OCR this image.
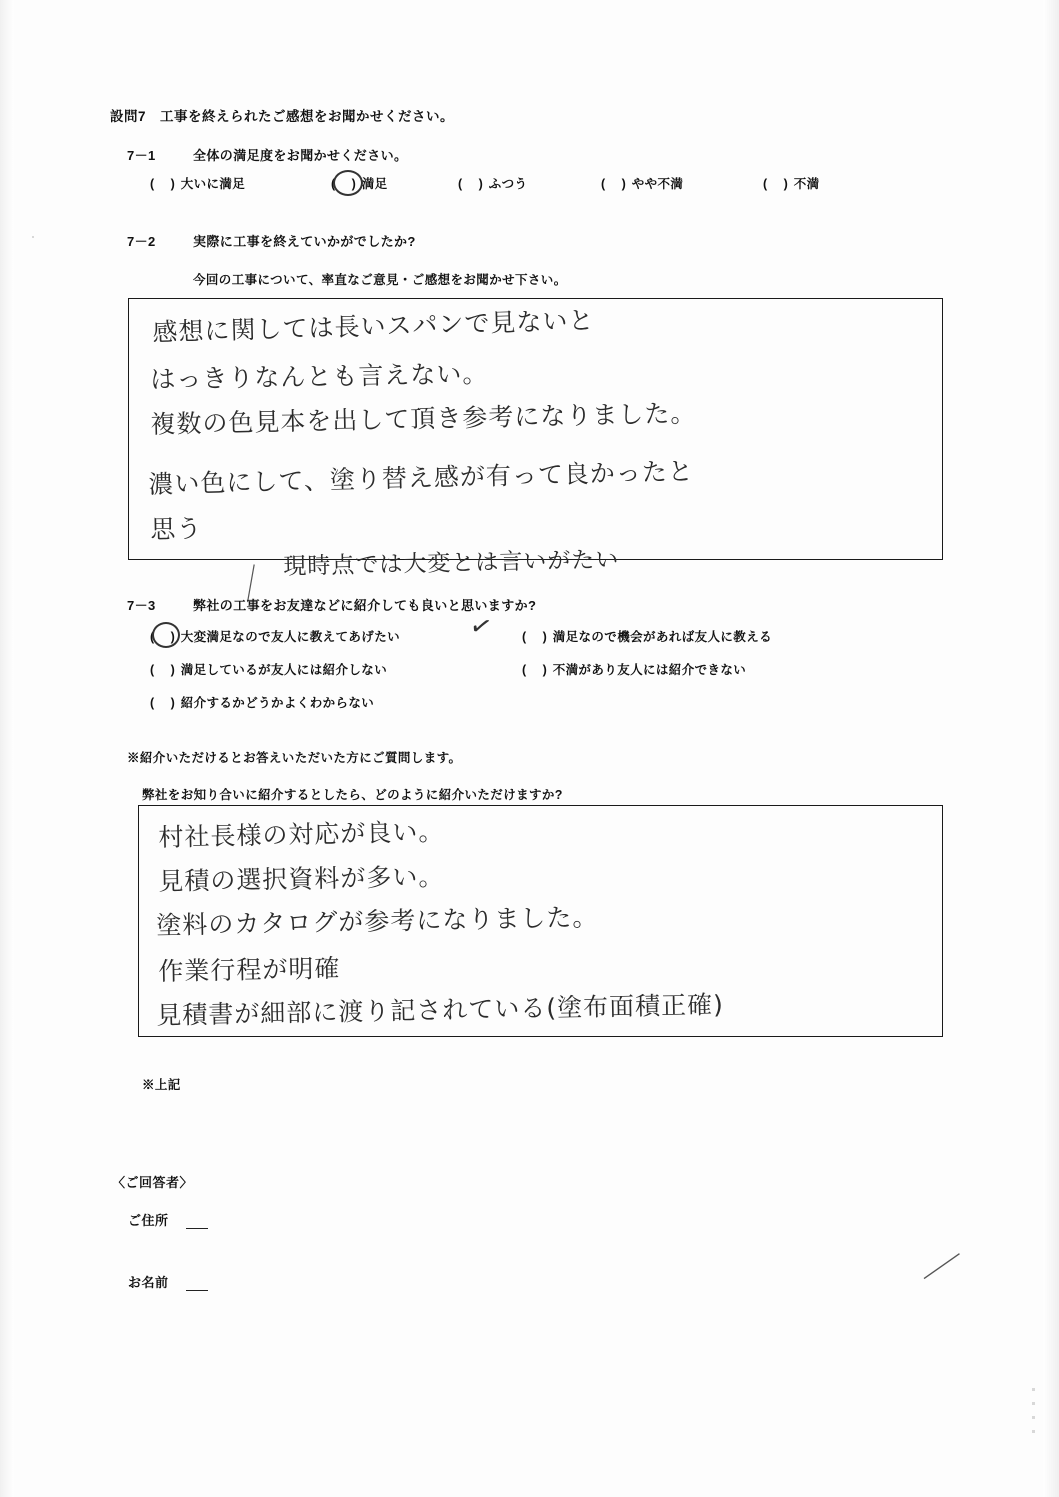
設問7　工事を終えられたご感想をお聞かせください。
7－1	全体の満足度をお聞かせください。
(　) 大いに満足	(　) 満足	(　) ふつう	(　) やや不満	(　) 不満
7－2	実際に工事を終えていかがでしたか?
今回の工事について、率直なご意見・ご感想をお聞かせ下さい。
感想に関しては長いスパンで見ないと
はっきりなんとも言えない。
複数の色見本を出して頂き参考になりました。
濃い色にして、塗り替え感が有って良かったと
思う
現時点では大変とは言いがたい
／
7－3	弊社の工事をお友達などに紹介しても良いと思いますか?
(　) 大変満足なので友人に教えてあげたい	✓ (　) 満足なので機会があれば友人に教える
(　) 満足しているが友人には紹介しない	(　) 不満があり友人には紹介できない
(　) 紹介するかどうかよくわからない
※紹介いただけるとお答えいただいた方にご質問します。
弊社をお知り合いに紹介するとしたら、どのように紹介いただけますか?
村社長様の対応が良い。
見積の選択資料が多い。
塗料のカタログが参考になりました。
作業行程が明確
見積書が細部に渡り記されている(塗布面積正確)
※上記
〈ご回答者〉
ご住所
お名前	／
